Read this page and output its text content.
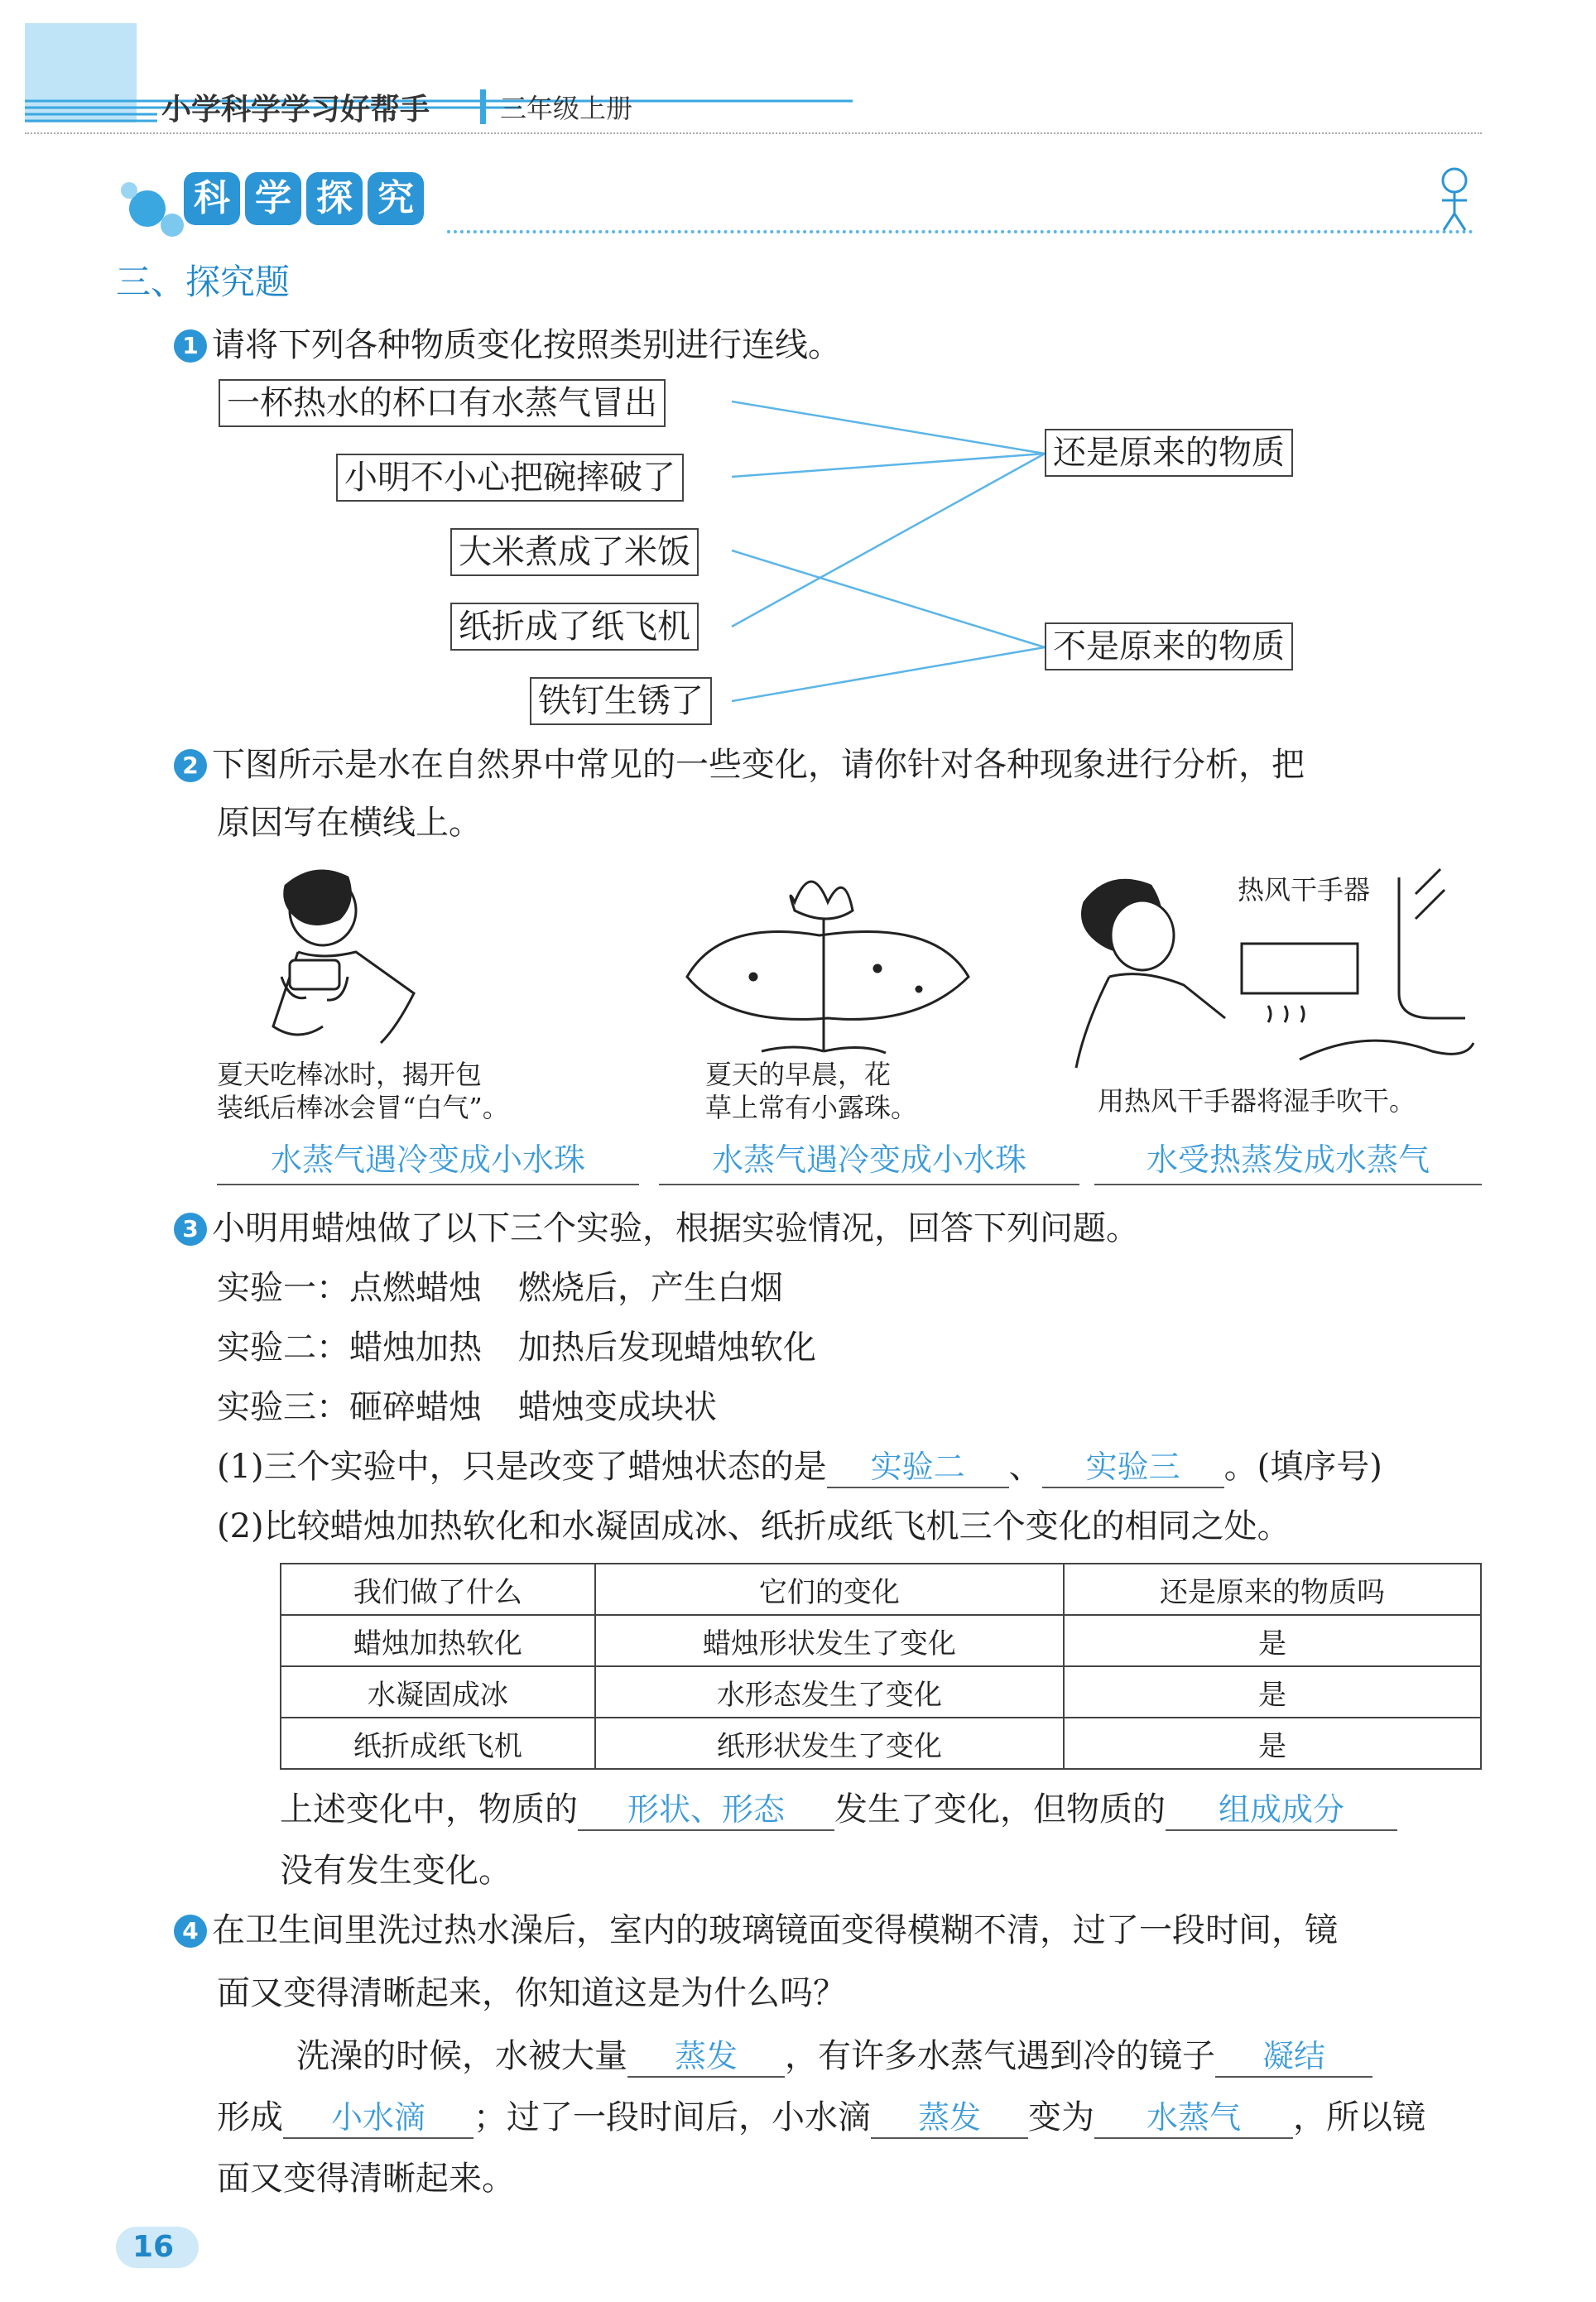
小学科学学习好帮手	三年级上册
科 学 探 究
三、探究题
1 请将下列各种物质变化按照类别进行连线。
一杯热水的杯口有水蒸气冒出
小明不小心把碗摔破了
大米煮成了米饭
纸折成了纸飞机
铁钉生锈了
还是原来的物质
不是原来的物质
2 下图所示是水在自然界中常见的一些变化，请你针对各种现象进行分析，把
原因写在横线上。
热风干手器
夏天吃棒冰时，揭开包
装纸后棒冰会冒“白气”。
夏天的早晨，花
草上常有小露珠。	用热风干手器将湿手吹干。
水蒸气遇冷变成小水珠	水蒸气遇冷变成小水珠	水受热蒸发成水蒸气
3 小明用蜡烛做了以下三个实验，根据实验情况，回答下列问题。
实验一：点燃蜡烛 燃烧后，产生白烟
实验二：蜡烛加热 加热后发现蜡烛软化
实验三：砸碎蜡烛 蜡烛变成块状
(1)三个实验中，只是改变了蜡烛状态的是 实验二 、 实验三 。(填序号)
(2)比较蜡烛加热软化和水凝固成冰、纸折成纸飞机三个变化的相同之处。
我们做了什么	它们的变化	还是原来的物质吗
蜡烛加热软化	蜡烛形状发生了变化	是
水凝固成冰	水形态发生了变化	是
纸折成纸飞机	纸形状发生了变化	是
上述变化中，物质的 形状、形态 发生了变化，但物质的 组成成分
没有发生变化。
4 在卫生间里洗过热水澡后，室内的玻璃镜面变得模糊不清，过了一段时间，镜
面又变得清晰起来，你知道这是为什么吗？
洗澡的时候，水被大量 蒸发 ，有许多水蒸气遇到冷的镜子 凝结
形成 小水滴 ；过了一段时间后，小水滴 蒸发 变为 水蒸气 ，所以镜
面又变得清晰起来。
16
